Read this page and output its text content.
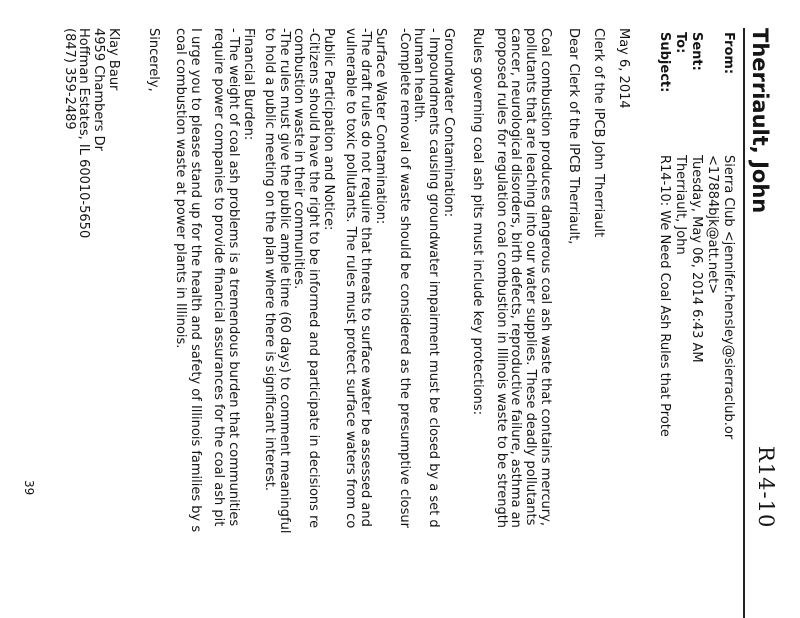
Therriault, John
R14-10
From:
Sierra Club <jennifer.hensley@sierraclub.or
<17884bjk@att.net>
Sent:
Tuesday, May 06, 2014 6:43 AM
To:
Therriault, John
Subject:
R14-10: We Need Coal Ash Rules that Prote
May 6, 2014
Clerk of the IPCB John Therriault
Dear Clerk of the IPCB Therriault,
Coal combustion produces dangerous coal ash waste that contains mercury,
pollutants that are leaching into our water supplies. These deadly pollutants
cancer, neurological disorders, birth defects, reproductive failure, asthma an
proposed rules for regulation coal combustion in Illinois waste to be strength
Rules governing coal ash pits must include key protections:
Groundwater Contamination:
- Impoundments causing groundwater impairment must be closed by a set d
human health.
-Complete removal of waste should be considered as the presumptive closur
Surface Water Contamination:
-The draft rules do not require that threats to surface water be assessed and
vulnerable to toxic pollutants. The rules must protect surface waters from co
Public Participation and Notice:
-Citizens should have the right to be informed and participate in decisions re
combustion waste in their communities.
-The rules must give the public ample time (60 days) to comment meaningful
to hold a public meeting on the plan where there is significant interest.
Financial Burden:
- The weight of coal ash problems is a tremendous burden that communities
require power companies to provide financial assurances for the coal ash pit
I urge you to please stand up for the health and safety of Illinois families by s
coal combustion waste at power plants in Illinois.
Sincerely,
Klay Baur
4959 Chambers Dr
Hoffman Estates, IL 60010-5650
(847) 359-2489
39
